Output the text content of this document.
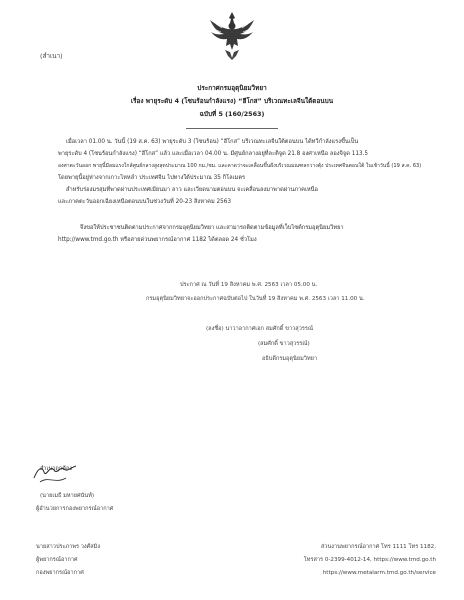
(สำเนา)
ประกาศกรมอุตุนิยมวิทยา
เรื่อง พายุระดับ 4 (โซนร้อนกำลังแรง) “ฮีโกส” บริเวณทะเลจีนใต้ตอนบน
ฉบับที่ 5 (160/2563)
เมื่อเวลา 01.00 น. วันนี้ (19 ส.ค. 63) พายุระดับ 3 (โซนร้อน) “ฮีโกส” บริเวณทะเลจีนใต้ตอนบน ได้ทวีกำลังแรงขึ้นเป็น
พายุระดับ 4 (โซนร้อนกำลังแรง) “ฮีโกส” แล้ว และเมื่อเวลา 04.00 น. มีศูนย์กลางอยู่ที่ละติจูด 21.8 องศาเหนือ ลองจิจูด 113.5
องศาตะวันออก พายุนี้มีลมแรงใกล้ศูนย์กลางสูงสุดประมาณ 100 กม./ชม. และคาดว่าจะเคลื่อนขึ้นฝั่งบริเวณมณฑลกวางตุ้ง ประเทศจีนตอนใต้ ในเช้าวันนี้ (19 ส.ค. 63)
โดยพายุนี้อยู่ห่างจากเกาะไหหลำ ประเทศจีน ไปทางใต้ประมาณ 35 กิโลเมตร
สำหรับร่องมรสุมที่พาดผ่านประเทศเมียนมา ลาว และเวียดนามตอนบน จะเคลื่อนลงมาพาดผ่านภาคเหนือ
และภาคตะวันออกเฉียงเหนือตอนบนในช่วงวันที่ 20-23 สิงหาคม 2563
จึงขอให้ประชาชนติดตามประกาศจากกรมอุตุนิยมวิทยา และสามารถติดตามข้อมูลที่เว็บไซต์กรมอุตุนิยมวิทยา
http://www.tmd.go.th หรือสายด่วนพยากรณ์อากาศ 1182 ได้ตลอด 24 ชั่วโมง
ประกาศ ณ วันที่ 19 สิงหาคม พ.ศ. 2563 เวลา 05.00 น.
กรมอุตุนิยมวิทยาจะออกประกาศฉบับต่อไป ในวันที่ 19 สิงหาคม พ.ศ. 2563 เวลา 11.00 น.
(ลงชื่อ) นาวาอากาศเอก สมศักดิ์ ขาวสุวรรณ์
(สมศักดิ์ ขาวสุวรรณ์)
อธิบดีกรมอุตุนิยมวิทยา
สำเนาถูกต้อง
(นายเมธี มหายศนันท์)
ผู้อำนวยการกองพยากรณ์อากาศ
นายสาวประภาพร วงศ์สมิง
ผู้พยากรณ์อากาศ
กองพยากรณ์อากาศ
ส่วนงานพยากรณ์อากาศ โทร 1111 โทร 1182,
โทรสาร 0-2399-4012-14, https://www.tmd.go.th
https://www.metalarm.tmd.go.th/service
